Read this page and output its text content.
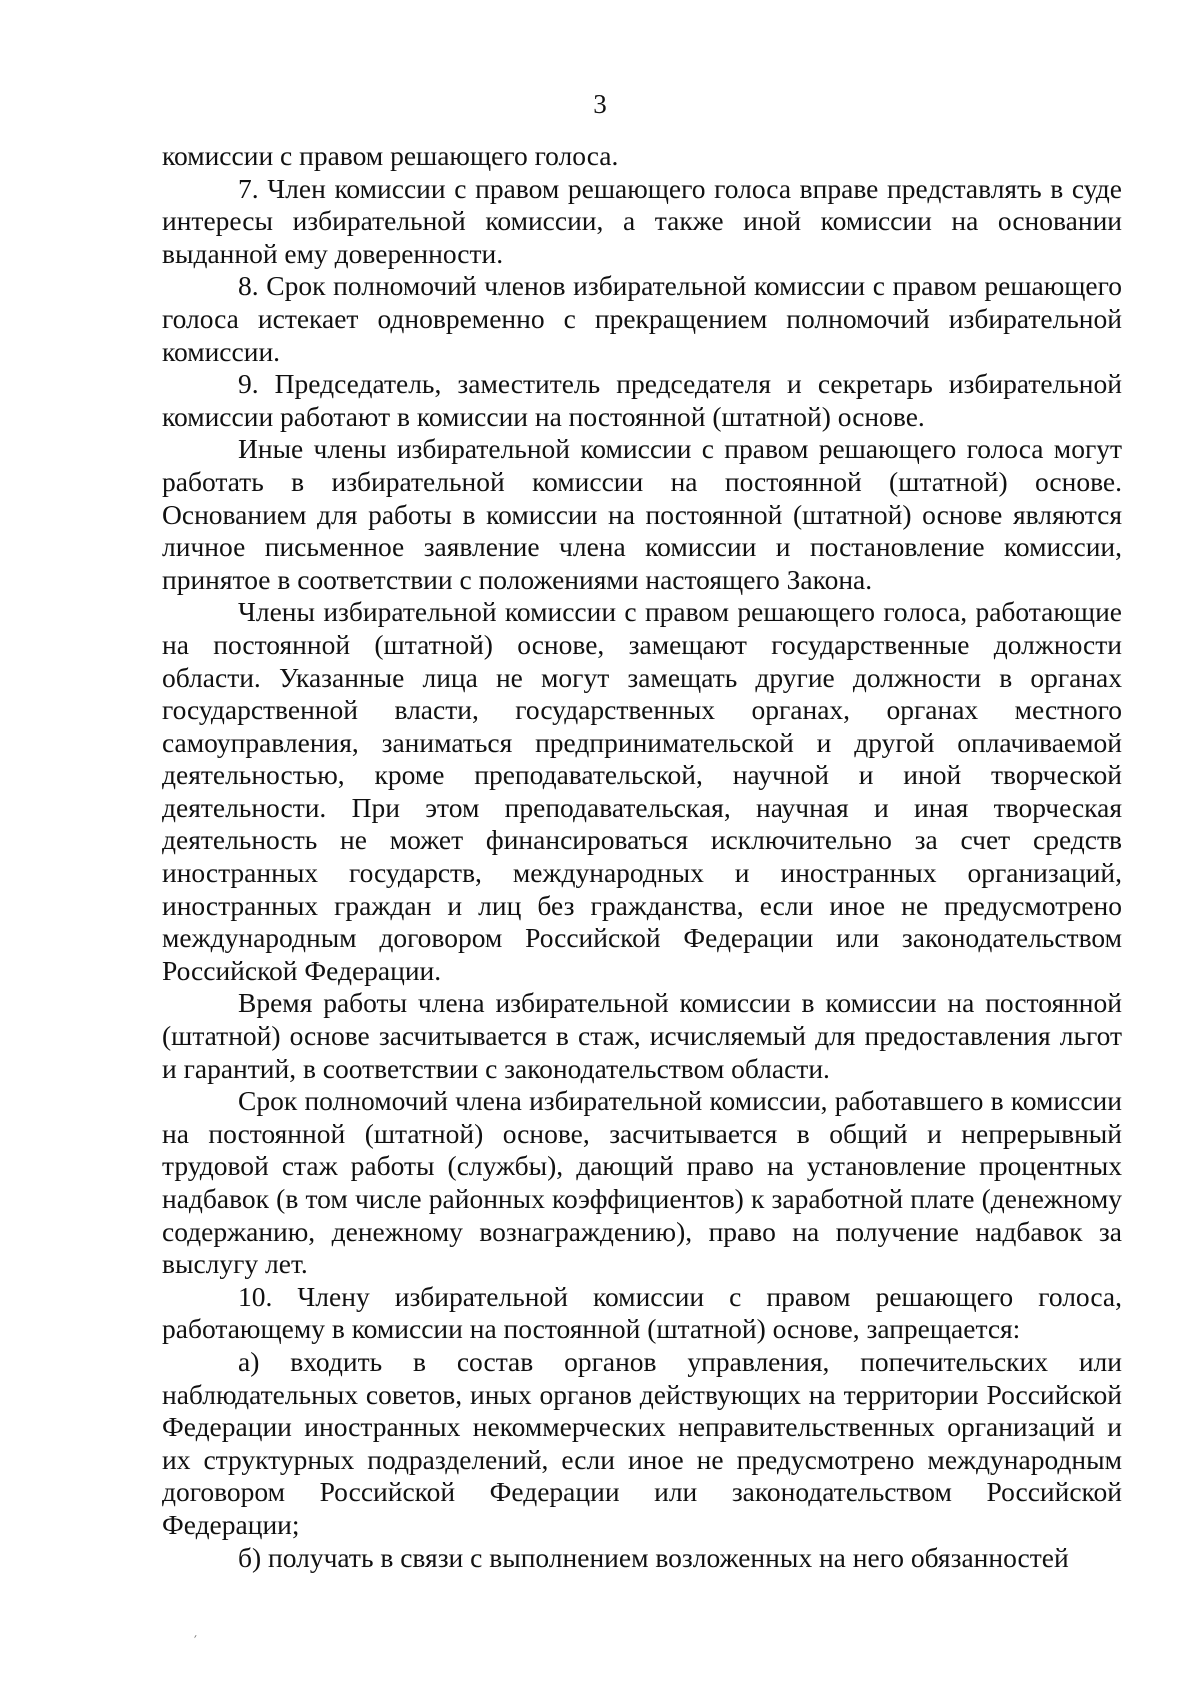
3

комиссии с правом решающего голоса.

7. Член комиссии с правом решающего голоса вправе представлять в суде интересы избирательной комиссии, а также иной комиссии на основании выданной ему доверенности.

8. Срок полномочий членов избирательной комиссии с правом решающего голоса истекает одновременно с прекращением полномочий избирательной комиссии.

9. Председатель, заместитель председателя и секретарь избирательной комиссии работают в комиссии на постоянной (штатной) основе.

Иные члены избирательной комиссии с правом решающего голоса могут работать в избирательной комиссии на постоянной (штатной) основе. Основанием для работы в комиссии на постоянной (штатной) основе являются личное письменное заявление члена комиссии и постановление комиссии, принятое в соответствии с положениями настоящего Закона.

Члены избирательной комиссии с правом решающего голоса, работающие на постоянной (штатной) основе, замещают государственные должности области. Указанные лица не могут замещать другие должности в органах государственной власти, государственных органах, органах местного самоуправления, заниматься предпринимательской и другой оплачиваемой деятельностью, кроме преподавательской, научной и иной творческой деятельности. При этом преподавательская, научная и иная творческая деятельность не может финансироваться исключительно за счет средств иностранных государств, международных и иностранных организаций, иностранных граждан и лиц без гражданства, если иное не предусмотрено международным договором Российской Федерации или законодательством Российской Федерации.

Время работы члена избирательной комиссии в комиссии на постоянной (штатной) основе засчитывается в стаж, исчисляемый для предоставления льгот и гарантий, в соответствии с законодательством области.

Срок полномочий члена избирательной комиссии, работавшего в комиссии на постоянной (штатной) основе, засчитывается в общий и непрерывный трудовой стаж работы (службы), дающий право на установление процентных надбавок (в том числе районных коэффициентов) к заработной плате (денежному содержанию, денежному вознаграждению), право на получение надбавок за выслугу лет.

10. Члену избирательной комиссии с правом решающего голоса, работающему в комиссии на постоянной (штатной) основе, запрещается:

а) входить в состав органов управления, попечительских или наблюдательных советов, иных органов действующих на территории Российской Федерации иностранных некоммерческих неправительственных организаций и их структурных подразделений, если иное не предусмотрено международным договором Российской Федерации или законодательством Российской Федерации;

б) получать в связи с выполнением возложенных на него обязанностей

ˊ
